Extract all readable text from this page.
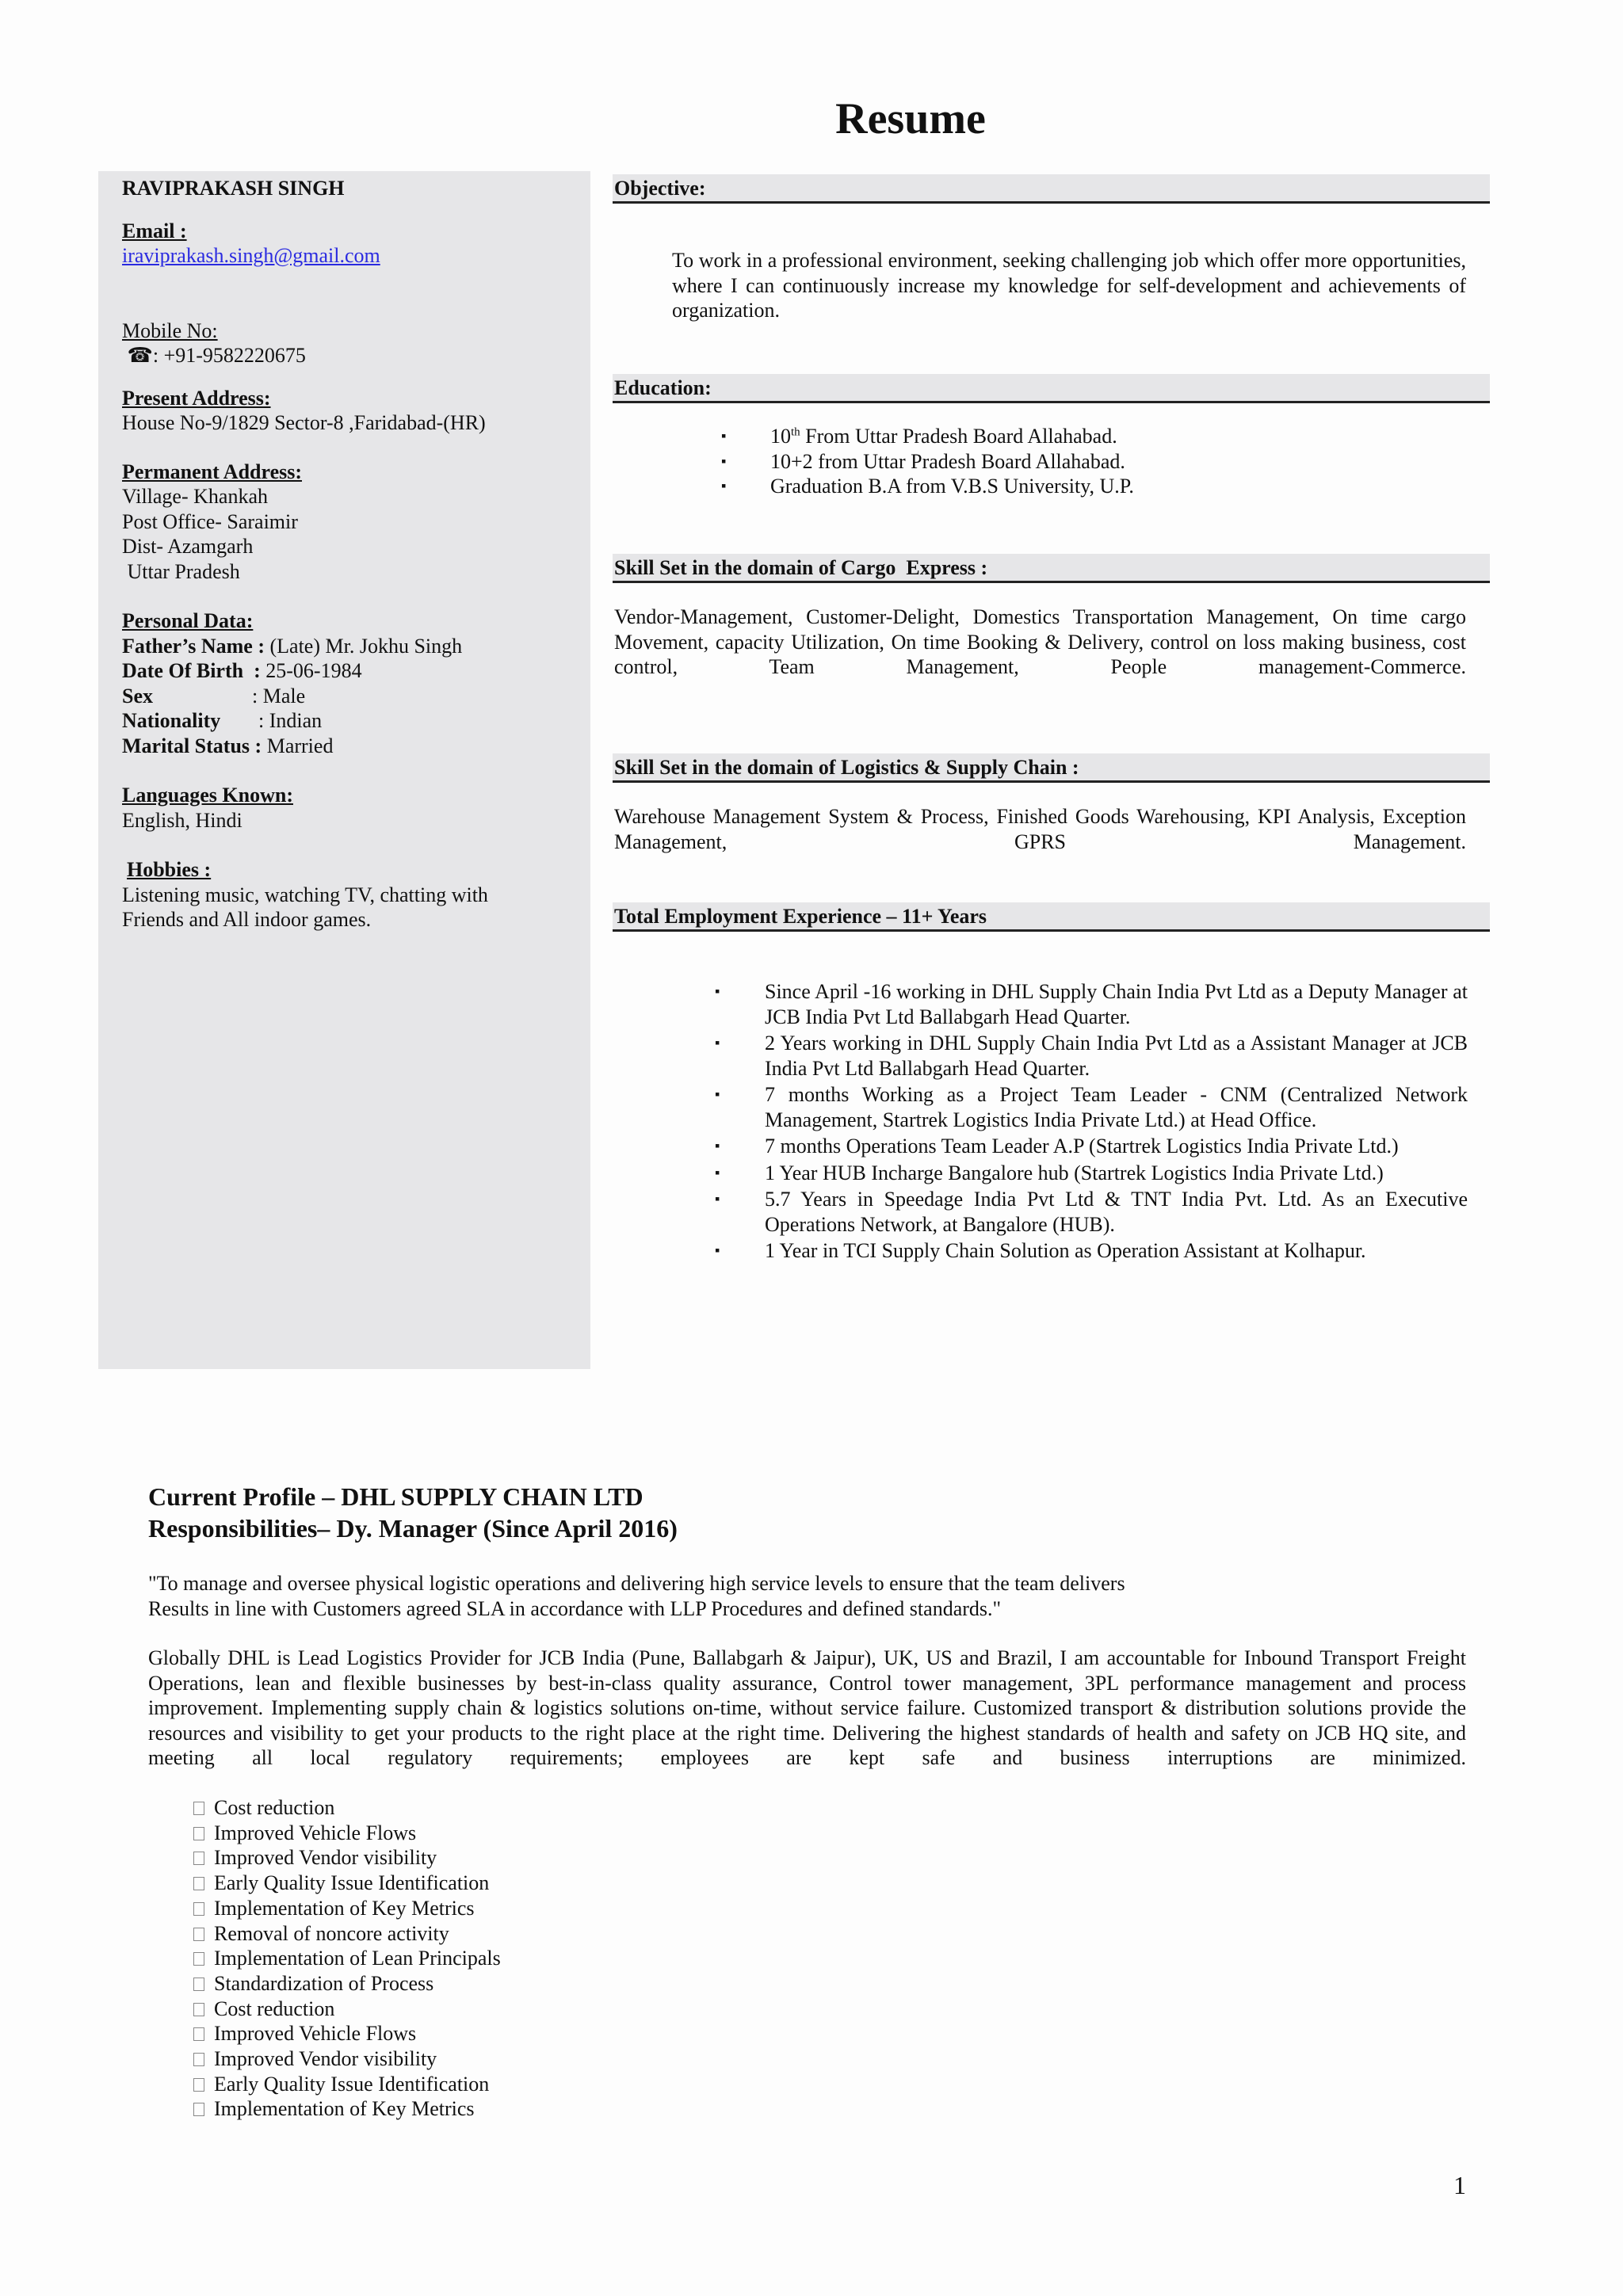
Resume
RAVIPRAKASH SINGH
Email :
iraviprakash.singh@gmail.com
Mobile No:
☎: +91-9582220675
Present Address:
House No-9/1829 Sector-8 ,Faridabad-(HR)
Permanent Address:
Village- Khankah
Post Office- Saraimir
Dist- Azamgarh
Uttar Pradesh
Personal Data:
Father’s Name : (Late) Mr. Jokhu Singh
Date Of Birth  : 25-06-1984
Sex	: Male
Nationality : Indian
Marital Status : Married
Languages Known:
English, Hindi
Hobbies :
Listening music, watching TV, chatting with
Friends and All indoor games.
Objective:
To work in a professional environment, seeking challenging job which offer more opportunities, where I can continuously increase my knowledge for self-development and achievements of organization.
Education:
▪ 10th From Uttar Pradesh Board Allahabad.
▪ 10+2 from Uttar Pradesh Board Allahabad.
▪ Graduation B.A from V.B.S University, U.P.
Skill Set in the domain of Cargo  Express :
Vendor-Management, Customer-Delight, Domestics Transportation Management, On time cargo Movement, capacity Utilization, On time Booking & Delivery, control on loss making business, cost control, Team Management, People management-Commerce.
Skill Set in the domain of Logistics & Supply Chain :
Warehouse Management System & Process, Finished Goods Warehousing, KPI Analysis, Exception Management, GPRS Management.
Total Employment Experience – 11+ Years
▪ Since April -16 working in DHL Supply Chain India Pvt Ltd as a Deputy Manager at JCB India Pvt Ltd Ballabgarh Head Quarter.
▪ 2 Years working in DHL Supply Chain India Pvt Ltd as a Assistant Manager at JCB India Pvt Ltd Ballabgarh Head Quarter.
▪ 7 months Working as a Project Team Leader - CNM (Centralized Network Management, Startrek Logistics India Private Ltd.) at Head Office.
▪ 7 months Operations Team Leader A.P (Startrek Logistics India Private Ltd.)
▪ 1 Year HUB Incharge Bangalore hub (Startrek Logistics India Private Ltd.)
▪ 5.7 Years in Speedage India Pvt Ltd & TNT India Pvt. Ltd. As an Executive Operations Network, at Bangalore (HUB).
▪ 1 Year in TCI Supply Chain Solution as Operation Assistant at Kolhapur.
Current Profile – DHL SUPPLY CHAIN LTD
Responsibilities– Dy. Manager (Since April 2016)
"To manage and oversee physical logistic operations and delivering high service levels to ensure that the team delivers
Results in line with Customers agreed SLA in accordance with LLP Procedures and defined standards."
Globally DHL is Lead Logistics Provider for JCB India (Pune, Ballabgarh & Jaipur), UK, US and Brazil, I am accountable for Inbound Transport Freight Operations, lean and flexible businesses by best-in-class quality assurance, Control tower management, 3PL performance management and process improvement. Implementing supply chain & logistics solutions on-time, without service failure. Customized transport & distribution solutions provide the resources and visibility to get your products to the right place at the right time. Delivering the highest standards of health and safety on JCB HQ site, and meeting all local regulatory requirements; employees are kept safe and business interruptions are minimized.
Cost reduction
Improved Vehicle Flows
Improved Vendor visibility
Early Quality Issue Identification
Implementation of Key Metrics
Removal of noncore activity
Implementation of Lean Principals
Standardization of Process
Cost reduction
Improved Vehicle Flows
Improved Vendor visibility
Early Quality Issue Identification
Implementation of Key Metrics
1
